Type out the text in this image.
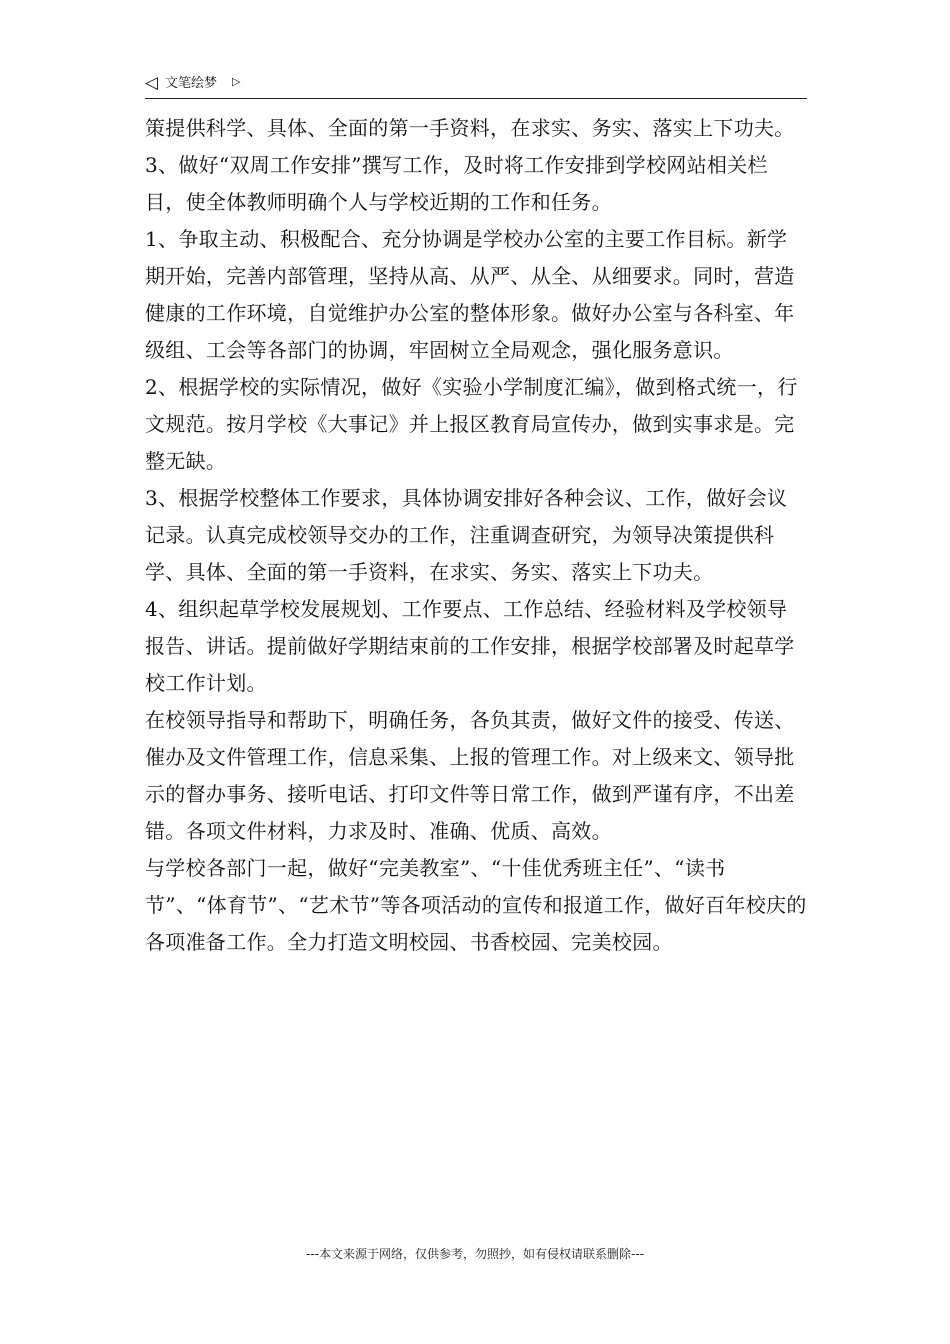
◁ 文笔绘梦 ▷

策提供科学、具体、全面的第一手资料，在求实、务实、落实上下功夫。

3、做好“双周工作安排”撰写工作，及时将工作安排到学校网站相关栏目，使全体教师明确个人与学校近期的工作和任务。

1、争取主动、积极配合、充分协调是学校办公室的主要工作目标。新学期开始，完善内部管理，坚持从高、从严、从全、从细要求。同时，营造健康的工作环境，自觉维护办公室的整体形象。做好办公室与各科室、年级组、工会等各部门的协调，牢固树立全局观念，强化服务意识。

2、根据学校的实际情况，做好《实验小学制度汇编》，做到格式统一，行文规范。按月学校《大事记》并上报区教育局宣传办，做到实事求是。完整无缺。

3、根据学校整体工作要求，具体协调安排好各种会议、工作，做好会议记录。认真完成校领导交办的工作，注重调查研究，为领导决策提供科学、具体、全面的第一手资料，在求实、务实、落实上下功夫。

4、组织起草学校发展规划、工作要点、工作总结、经验材料及学校领导报告、讲话。提前做好学期结束前的工作安排，根据学校部署及时起草学校工作计划。

在校领导指导和帮助下，明确任务，各负其责，做好文件的接受、传送、催办及文件管理工作，信息采集、上报的管理工作。对上级来文、领导批示的督办事务、接听电话、打印文件等日常工作，做到严谨有序，不出差错。各项文件材料，力求及时、准确、优质、高效。

与学校各部门一起，做好“完美教室”、“十佳优秀班主任”、“读书节”、“体育节”、“艺术节”等各项活动的宣传和报道工作，做好百年校庆的各项准备工作。全力打造文明校园、书香校园、完美校园。

---本文来源于网络，仅供参考，勿照抄，如有侵权请联系删除---
